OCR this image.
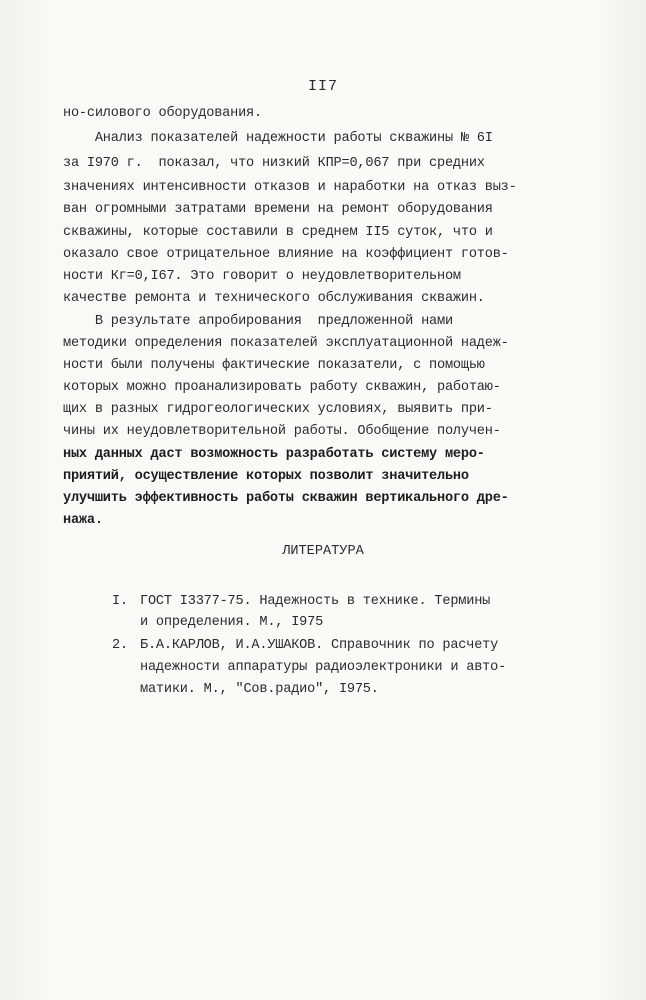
II7
но-силового оборудования.
Анализ показателей надежности работы скважины № 6I
за I970 г.  показал, что низкий КПР=0,067 при средних
значениях интенсивности отказов и наработки на отказ выз-
ван огромными затратами времени на ремонт оборудования
скважины, которые составили в среднем II5 суток, что и
оказало свое отрицательное влияние на коэффициент готов-
ности Кг=0,I67. Это говорит о неудовлетворительном
качестве ремонта и технического обслуживания скважин.
В результате апробирования  предложенной нами
методики определения показателей эксплуатационной надеж-
ности были получены фактические показатели, с помощью
которых можно проанализировать работу скважин, работаю-
щих в разных гидрогеологических условиях, выявить при-
чины их неудовлетворительной работы. Обобщение получен-
ных данных даст возможность разработать систему меро-
приятий, осуществление которых позволит значительно
улучшить эффективность работы скважин вертикального дре-
нажа.
ЛИТЕРАТУРА
I. ГОСТ I3377-75. Надежность в технике. Термины
и определения. М., I975
2. Б.А.КАРЛОВ, И.А.УШАКОВ. Справочник по расчету
надежности аппаратуры радиоэлектроники и авто-
матики. М., "Сов.радио", I975.
